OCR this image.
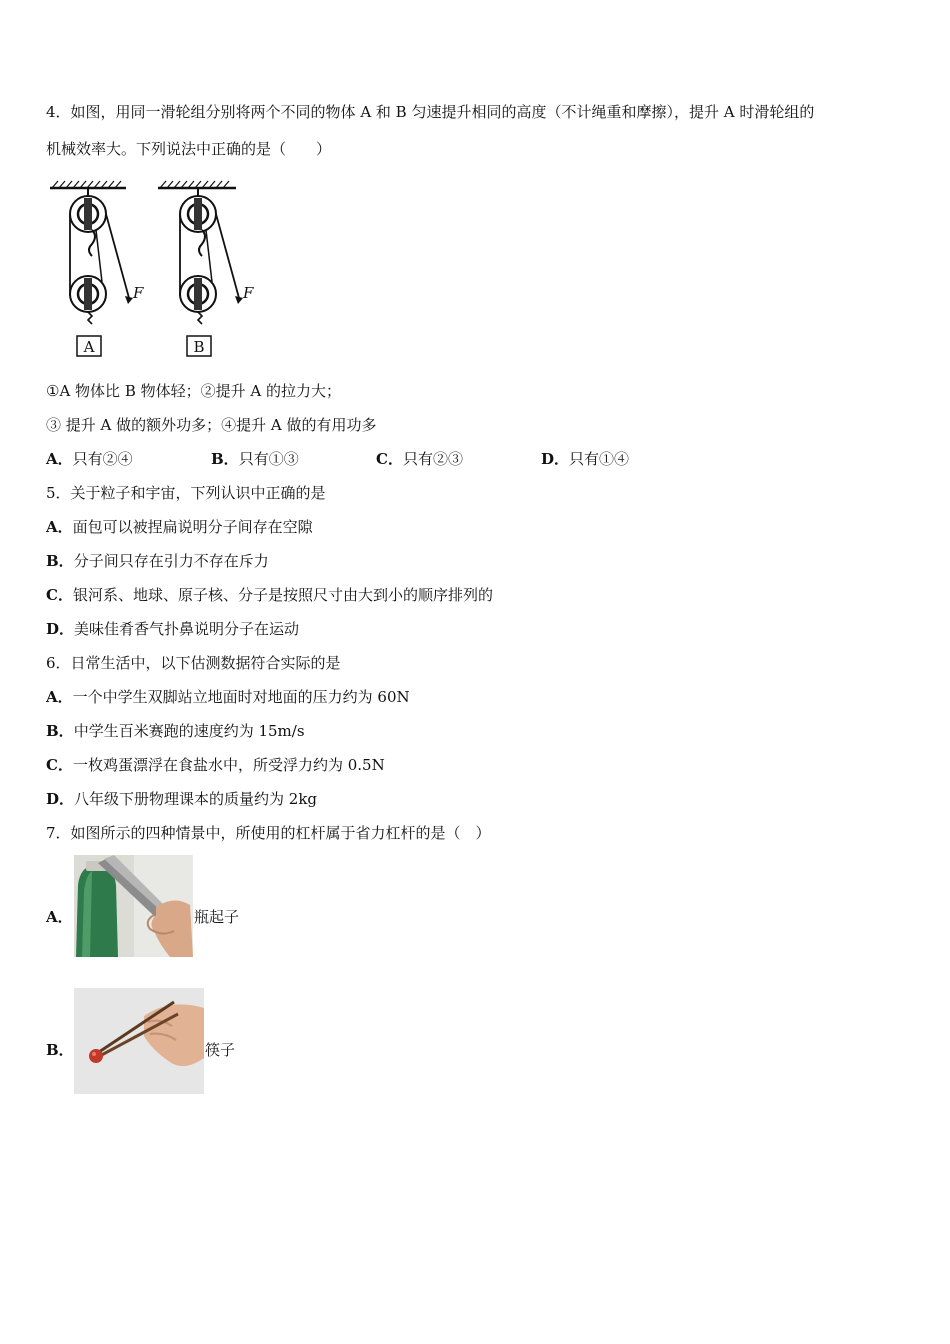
4．如图，用同一滑轮组分别将两个不同的物体 A 和 B 匀速提升相同的高度（不计绳重和摩擦），提升 A 时滑轮组的
机械效率大。下列说法中正确的是（　　）
A
F
B
F
①A 物体比 B 物体轻；②提升 A 的拉力大；
③ 提升 A 做的额外功多；④提升 A 做的有用功多
A．只有②④	B．只有①③	C．只有②③	D．只有①④
5．关于粒子和宇宙，下列认识中正确的是
A．面包可以被捏扁说明分子间存在空隙
B．分子间只存在引力不存在斥力
C．银河系、地球、原子核、分子是按照尺寸由大到小的顺序排列的
D．美味佳肴香气扑鼻说明分子在运动
6．日常生活中，以下估测数据符合实际的是
A．一个中学生双脚站立地面时对地面的压力约为 60N
B．中学生百米赛跑的速度约为 15m/s
C．一枚鸡蛋漂浮在食盐水中，所受浮力约为 0.5N
D．八年级下册物理课本的质量约为 2kg
7．如图所示的四种情景中，所使用的杠杆属于省力杠杆的是（　）
A．	瓶起子
B．	筷子
